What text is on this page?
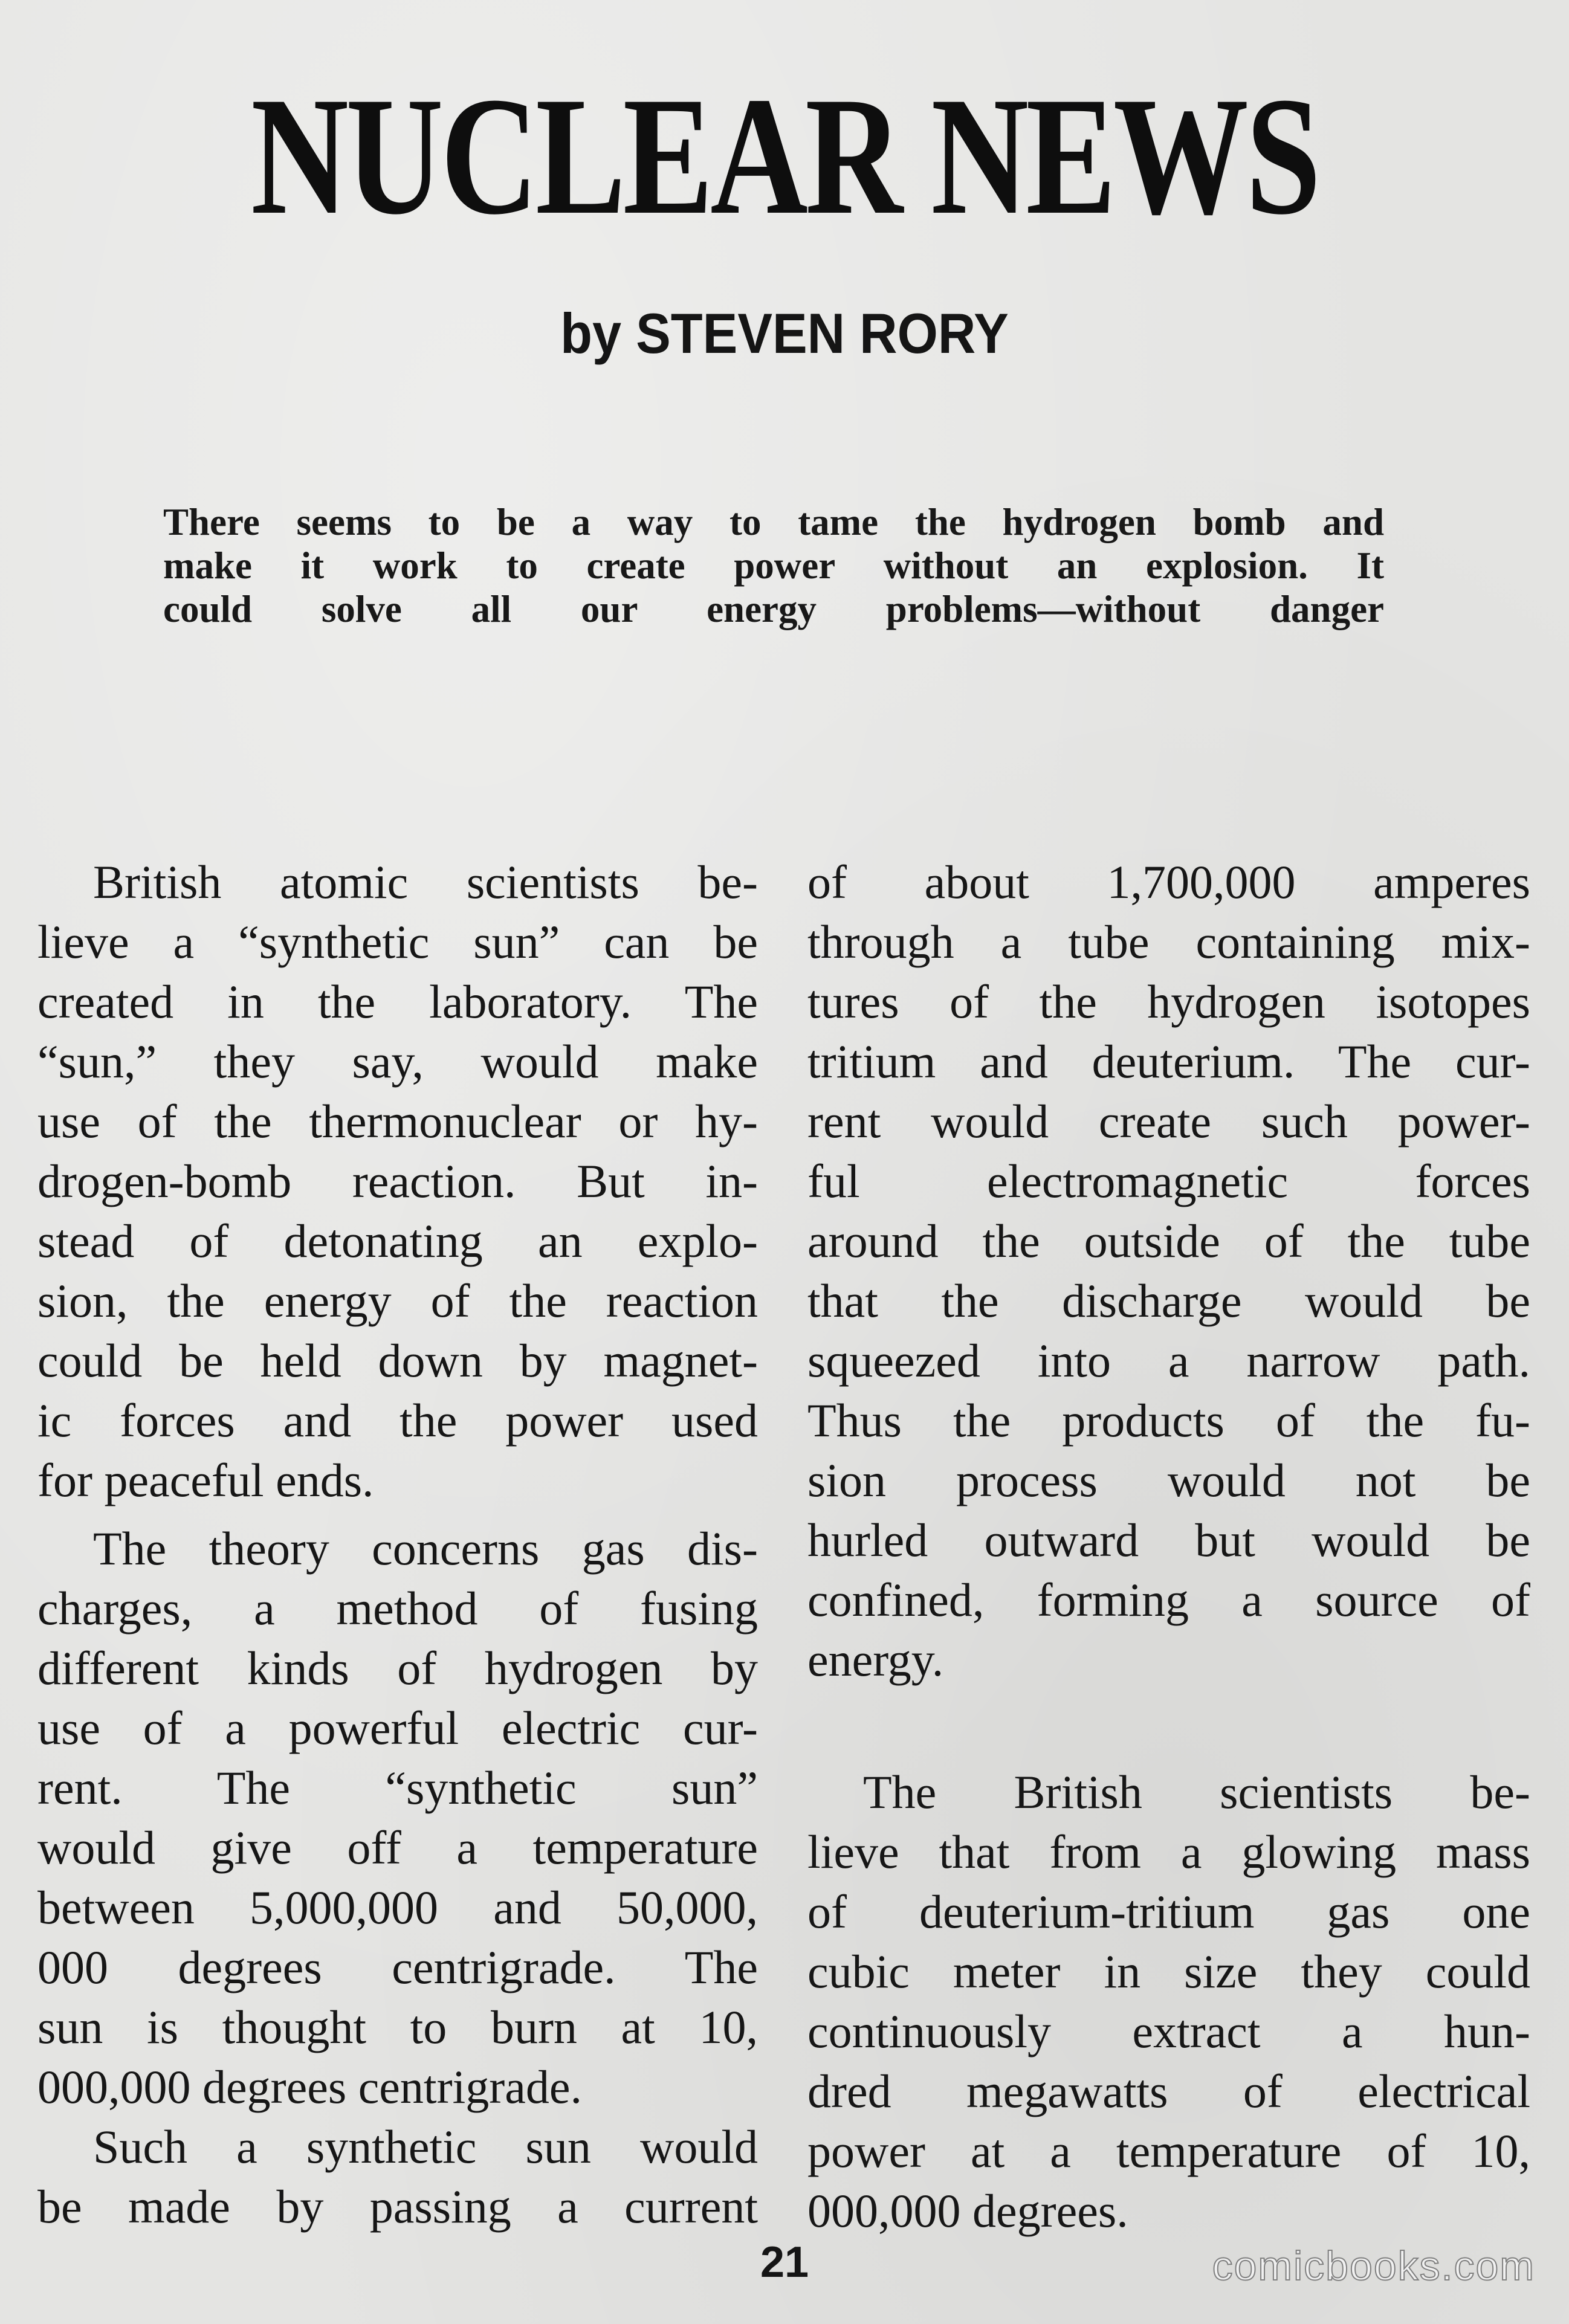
NUCLEAR NEWS
by STEVEN RORY
There seems to be a way to tame the hydrogen bomb and
make it work to create power without an explosion. It
could solve all our energy problems—without danger
British atomic scientists be-
lieve a “synthetic sun” can be
created in the laboratory. The
“sun,” they say, would make
use of the thermonuclear or hy-
drogen-bomb reaction. But in-
stead of detonating an explo-
sion, the energy of the reaction
could be held down by magnet-
ic forces and the power used
for peaceful ends.
The theory concerns gas dis-
charges, a method of fusing
different kinds of hydrogen by
use of a powerful electric cur-
rent. The “synthetic sun”
would give off a temperature
between 5,000,000 and 50,000,
000 degrees centrigrade. The
sun is thought to burn at 10,
000,000 degrees centrigrade.
Such a synthetic sun would
be made by passing a current
of about 1,700,000 amperes
through a tube containing mix-
tures of the hydrogen isotopes
tritium and deuterium. The cur-
rent would create such power-
ful electromagnetic forces
around the outside of the tube
that the discharge would be
squeezed into a narrow path.
Thus the products of the fu-
sion process would not be
hurled outward but would be
confined, forming a source of
energy.
The British scientists be-
lieve that from a glowing mass
of deuterium-tritium gas one
cubic meter in size they could
continuously extract a hun-
dred megawatts of electrical
power at a temperature of 10,
000,000 degrees.
21	comicbooks.com
